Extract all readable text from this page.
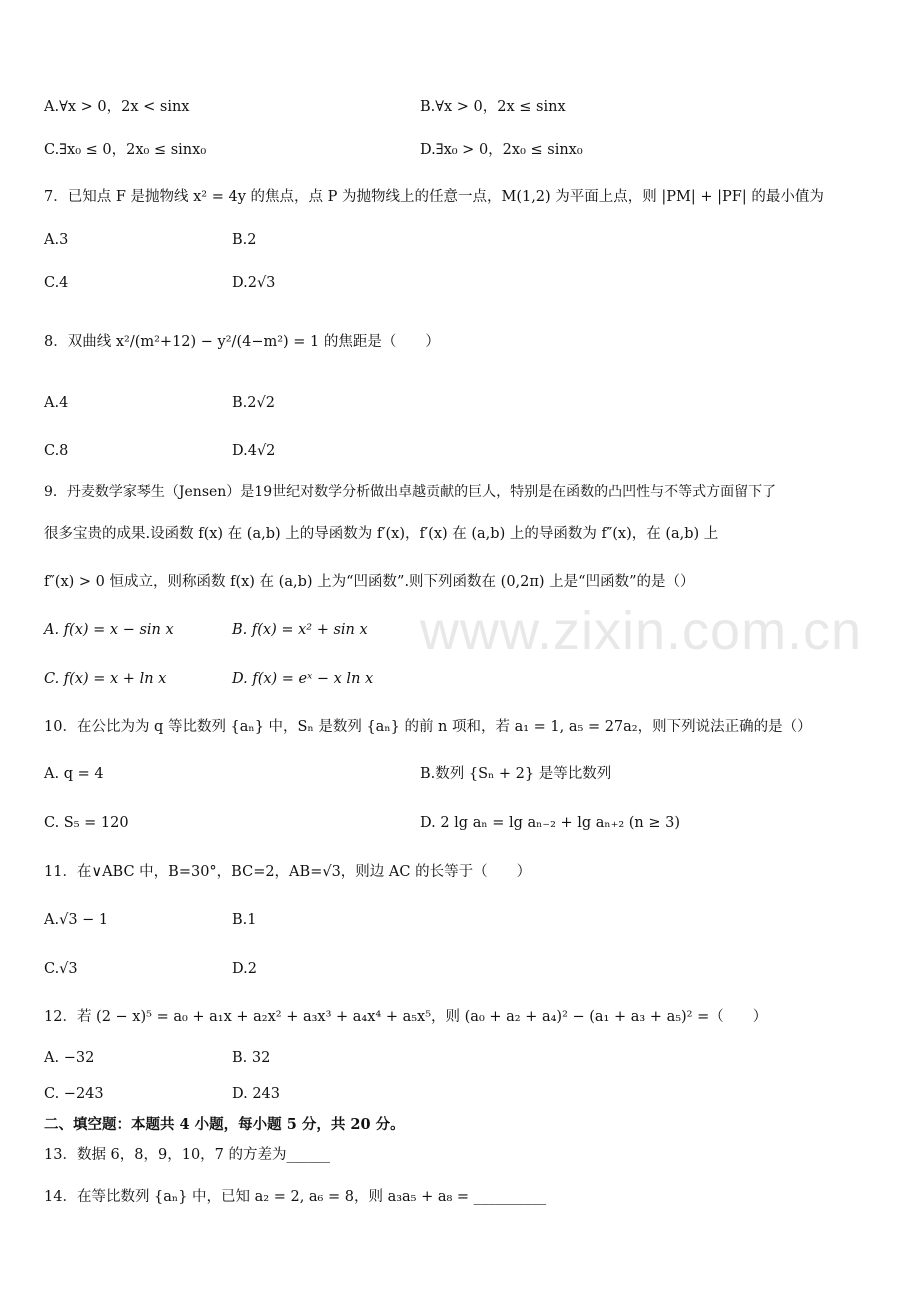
www.zixin.com.cn
A.∀x > 0，2x < sinx	B.∀x > 0，2x ≤ sinx
C.∃x₀ ≤ 0，2x₀ ≤ sinx₀	D.∃x₀ > 0，2x₀ ≤ sinx₀
7．已知点 F 是抛物线 x² = 4y 的焦点，点 P 为抛物线上的任意一点，M(1,2) 为平面上点，则 |PM| + |PF| 的最小值为
A.3	B.2
C.4	D.2√3
8．双曲线 x²/(m²+12) − y²/(4−m²) = 1 的焦距是（　　）
A.4	B.2√2
C.8	D.4√2
9．丹麦数学家琴生（Jensen）是19世纪对数学分析做出卓越贡献的巨人，特别是在函数的凸凹性与不等式方面留下了
很多宝贵的成果.设函数 f(x) 在 (a,b) 上的导函数为 f′(x)，f′(x) 在 (a,b) 上的导函数为 f″(x)，在 (a,b) 上
f″(x) > 0 恒成立，则称函数 f(x) 在 (a,b) 上为“凹函数”.则下列函数在 (0,2π) 上是“凹函数”的是（）
A. f(x) = x − sin x	B. f(x) = x² + sin x
C. f(x) = x + ln x	D. f(x) = eˣ − x ln x
10．在公比为为 q 等比数列 {aₙ} 中，Sₙ 是数列 {aₙ} 的前 n 项和，若 a₁ = 1, a₅ = 27a₂，则下列说法正确的是（）
A. q = 4	B.数列 {Sₙ + 2} 是等比数列
C. S₅ = 120	D. 2 lg aₙ = lg aₙ₋₂ + lg aₙ₊₂ (n ≥ 3)
11．在∨ABC 中，B=30°，BC=2，AB=√3，则边 AC 的长等于（　　）
A.√3 − 1	B.1
C.√3	D.2
12．若 (2 − x)⁵ = a₀ + a₁x + a₂x² + a₃x³ + a₄x⁴ + a₅x⁵，则 (a₀ + a₂ + a₄)² − (a₁ + a₃ + a₅)² =（　　）
A. −32	B. 32
C. −243	D. 243
二、填空题：本题共 4 小题，每小题 5 分，共 20 分。
13．数据 6，8，9，10，7 的方差为______
14．在等比数列 {aₙ} 中，已知 a₂ = 2, a₆ = 8，则 a₃a₅ + a₈ = __________
